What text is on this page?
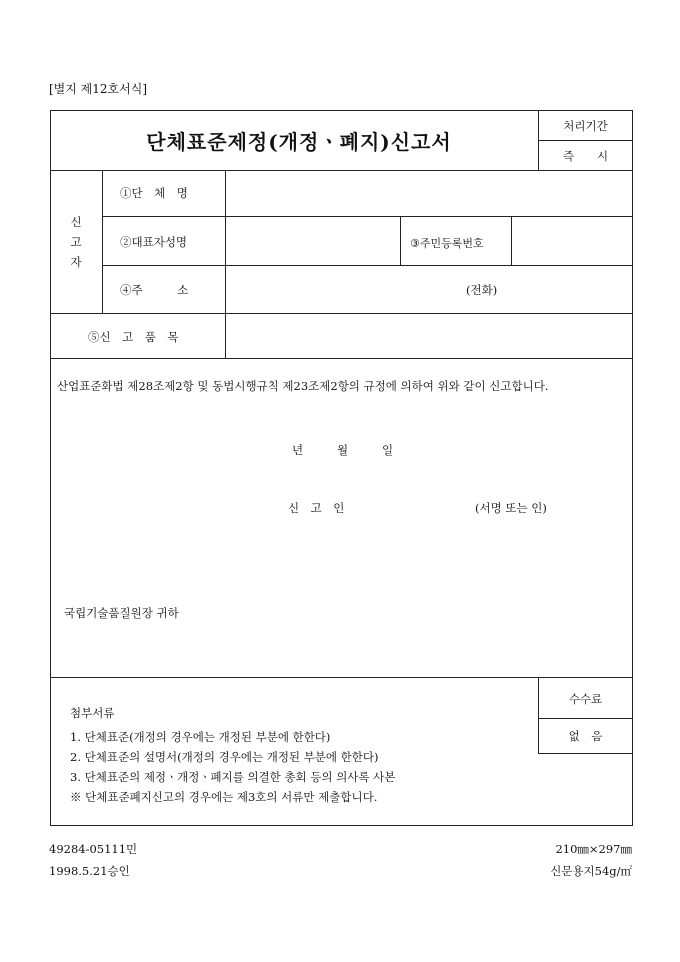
[별지 제12호서식]
단체표준제정(개정ㆍ폐지)신고서
처리기간
즉　　시
신
고
자
①단　체　명
②대표자성명	③주민등록번호
④주　　　소	(전화)
⑤신　고　품　목
산업표준화법 제28조제2항 및 동법시행규칙 제23조제2항의 규정에 의하여 위와 같이 신고합니다.
년	월	일
신　고　인	(서명 또는 인)
국립기술품질원장 귀하
첨부서류
1. 단체표준(개정의 경우에는 개정된 부분에 한한다)
2. 단체표준의 설명서(개정의 경우에는 개정된 부분에 한한다)
3. 단체표준의 제정ㆍ개정ㆍ폐지를 의결한 총회 등의 의사록 사본
※ 단체표준폐지신고의 경우에는 제3호의 서류만 제출합니다.
수수료
없　음
49284-05111민
1998.5.21승인
210㎜×297㎜
신문용지54g/㎡
